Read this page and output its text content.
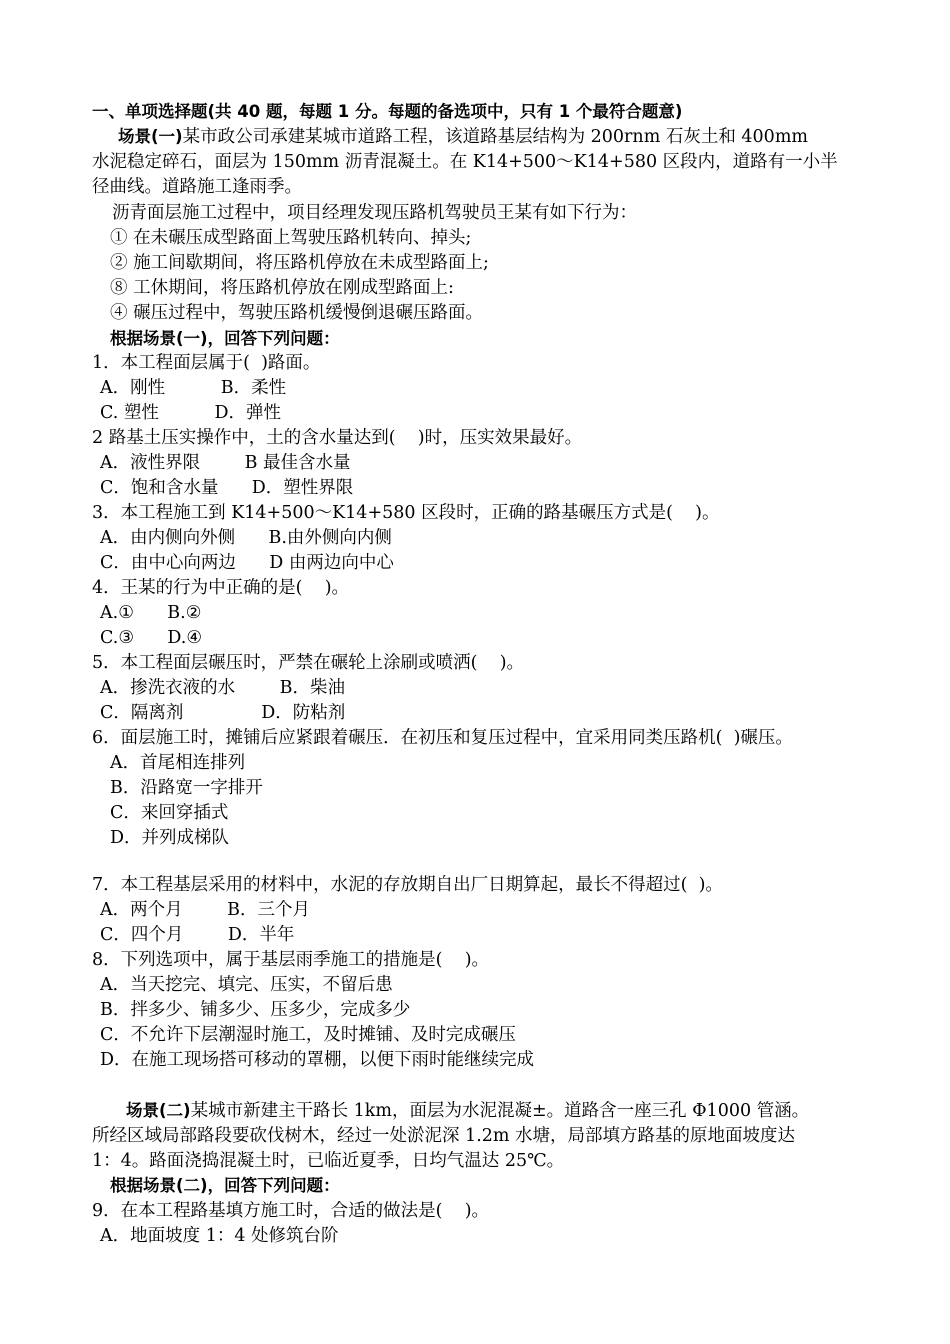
一、单项选择题(共 40 题，每题 1 分。每题的备选项中，只有 1 个最符合题意)
场景(一)某市政公司承建某城市道路工程，该道路基层结构为 200rnm 石灰土和 400mm
水泥稳定碎石，面层为 150mm 沥青混凝土。在 K14+500～K14+580 区段内，道路有一小半
径曲线。道路施工逢雨季。
沥青面层施工过程中，项目经理发现压路机驾驶员王某有如下行为：
① 在未碾压成型路面上驾驶压路机转向、掉头;
② 施工间歇期间，将压路机停放在未成型路面上;
⑧ 工休期间，将压路机停放在刚成型路面上:
④ 碾压过程中，驾驶压路机缓慢倒退碾压路面。
根据场景(一)，回答下列问题：
1．本工程面层属于(  )路面。
A．刚性          B．柔性
C. 塑性          D．弹性
2 路基土压实操作中，土的含水量达到(    )时，压实效果最好。
A．液性界限        B 最佳含水量
C．饱和含水量      D．塑性界限
3．本工程施工到 K14+500～K14+580 区段时，正确的路基碾压方式是(    )。
A．由内侧向外侧      B.由外侧向内侧
C．由中心向两边      D 由两边向中心
4．王某的行为中正确的是(    )。
A.①      B.②
C.③      D.④
5．本工程面层碾压时，严禁在碾轮上涂刷或喷洒(    )。
A．掺洗衣液的水        B．柴油
C．隔离剂              D．防粘剂
6．面层施工时，摊铺后应紧跟着碾压．在初压和复压过程中，宜采用同类压路机(  )碾压。
A．首尾相连排列
B．沿路宽一字排开
C．来回穿插式
D．并列成梯队
7．本工程基层采用的材料中，水泥的存放期自出厂日期算起，最长不得超过(  )。
A．两个月        B．三个月
C．四个月        D．半年
8．下列选项中，属于基层雨季施工的措施是(    )。
A．当天挖完、填完、压实，不留后患
B．拌多少、铺多少、压多少，完成多少
C．不允许下层潮湿时施工，及时摊铺、及时完成碾压
D．在施工现场搭可移动的罩棚，以便下雨时能继续完成
场景(二)某城市新建主干路长 1km，面层为水泥混凝±。道路含一座三孔 Φ1000 管涵。
所经区域局部路段要砍伐树木，经过一处淤泥深 1.2m 水塘，局部填方路基的原地面坡度达
1：4。路面浇捣混凝土时，已临近夏季，日均气温达 25℃。
根据场景(二)，回答下列问题：
9．在本工程路基填方施工时，合适的做法是(    )。
A．地面坡度 1：4 处修筑台阶
